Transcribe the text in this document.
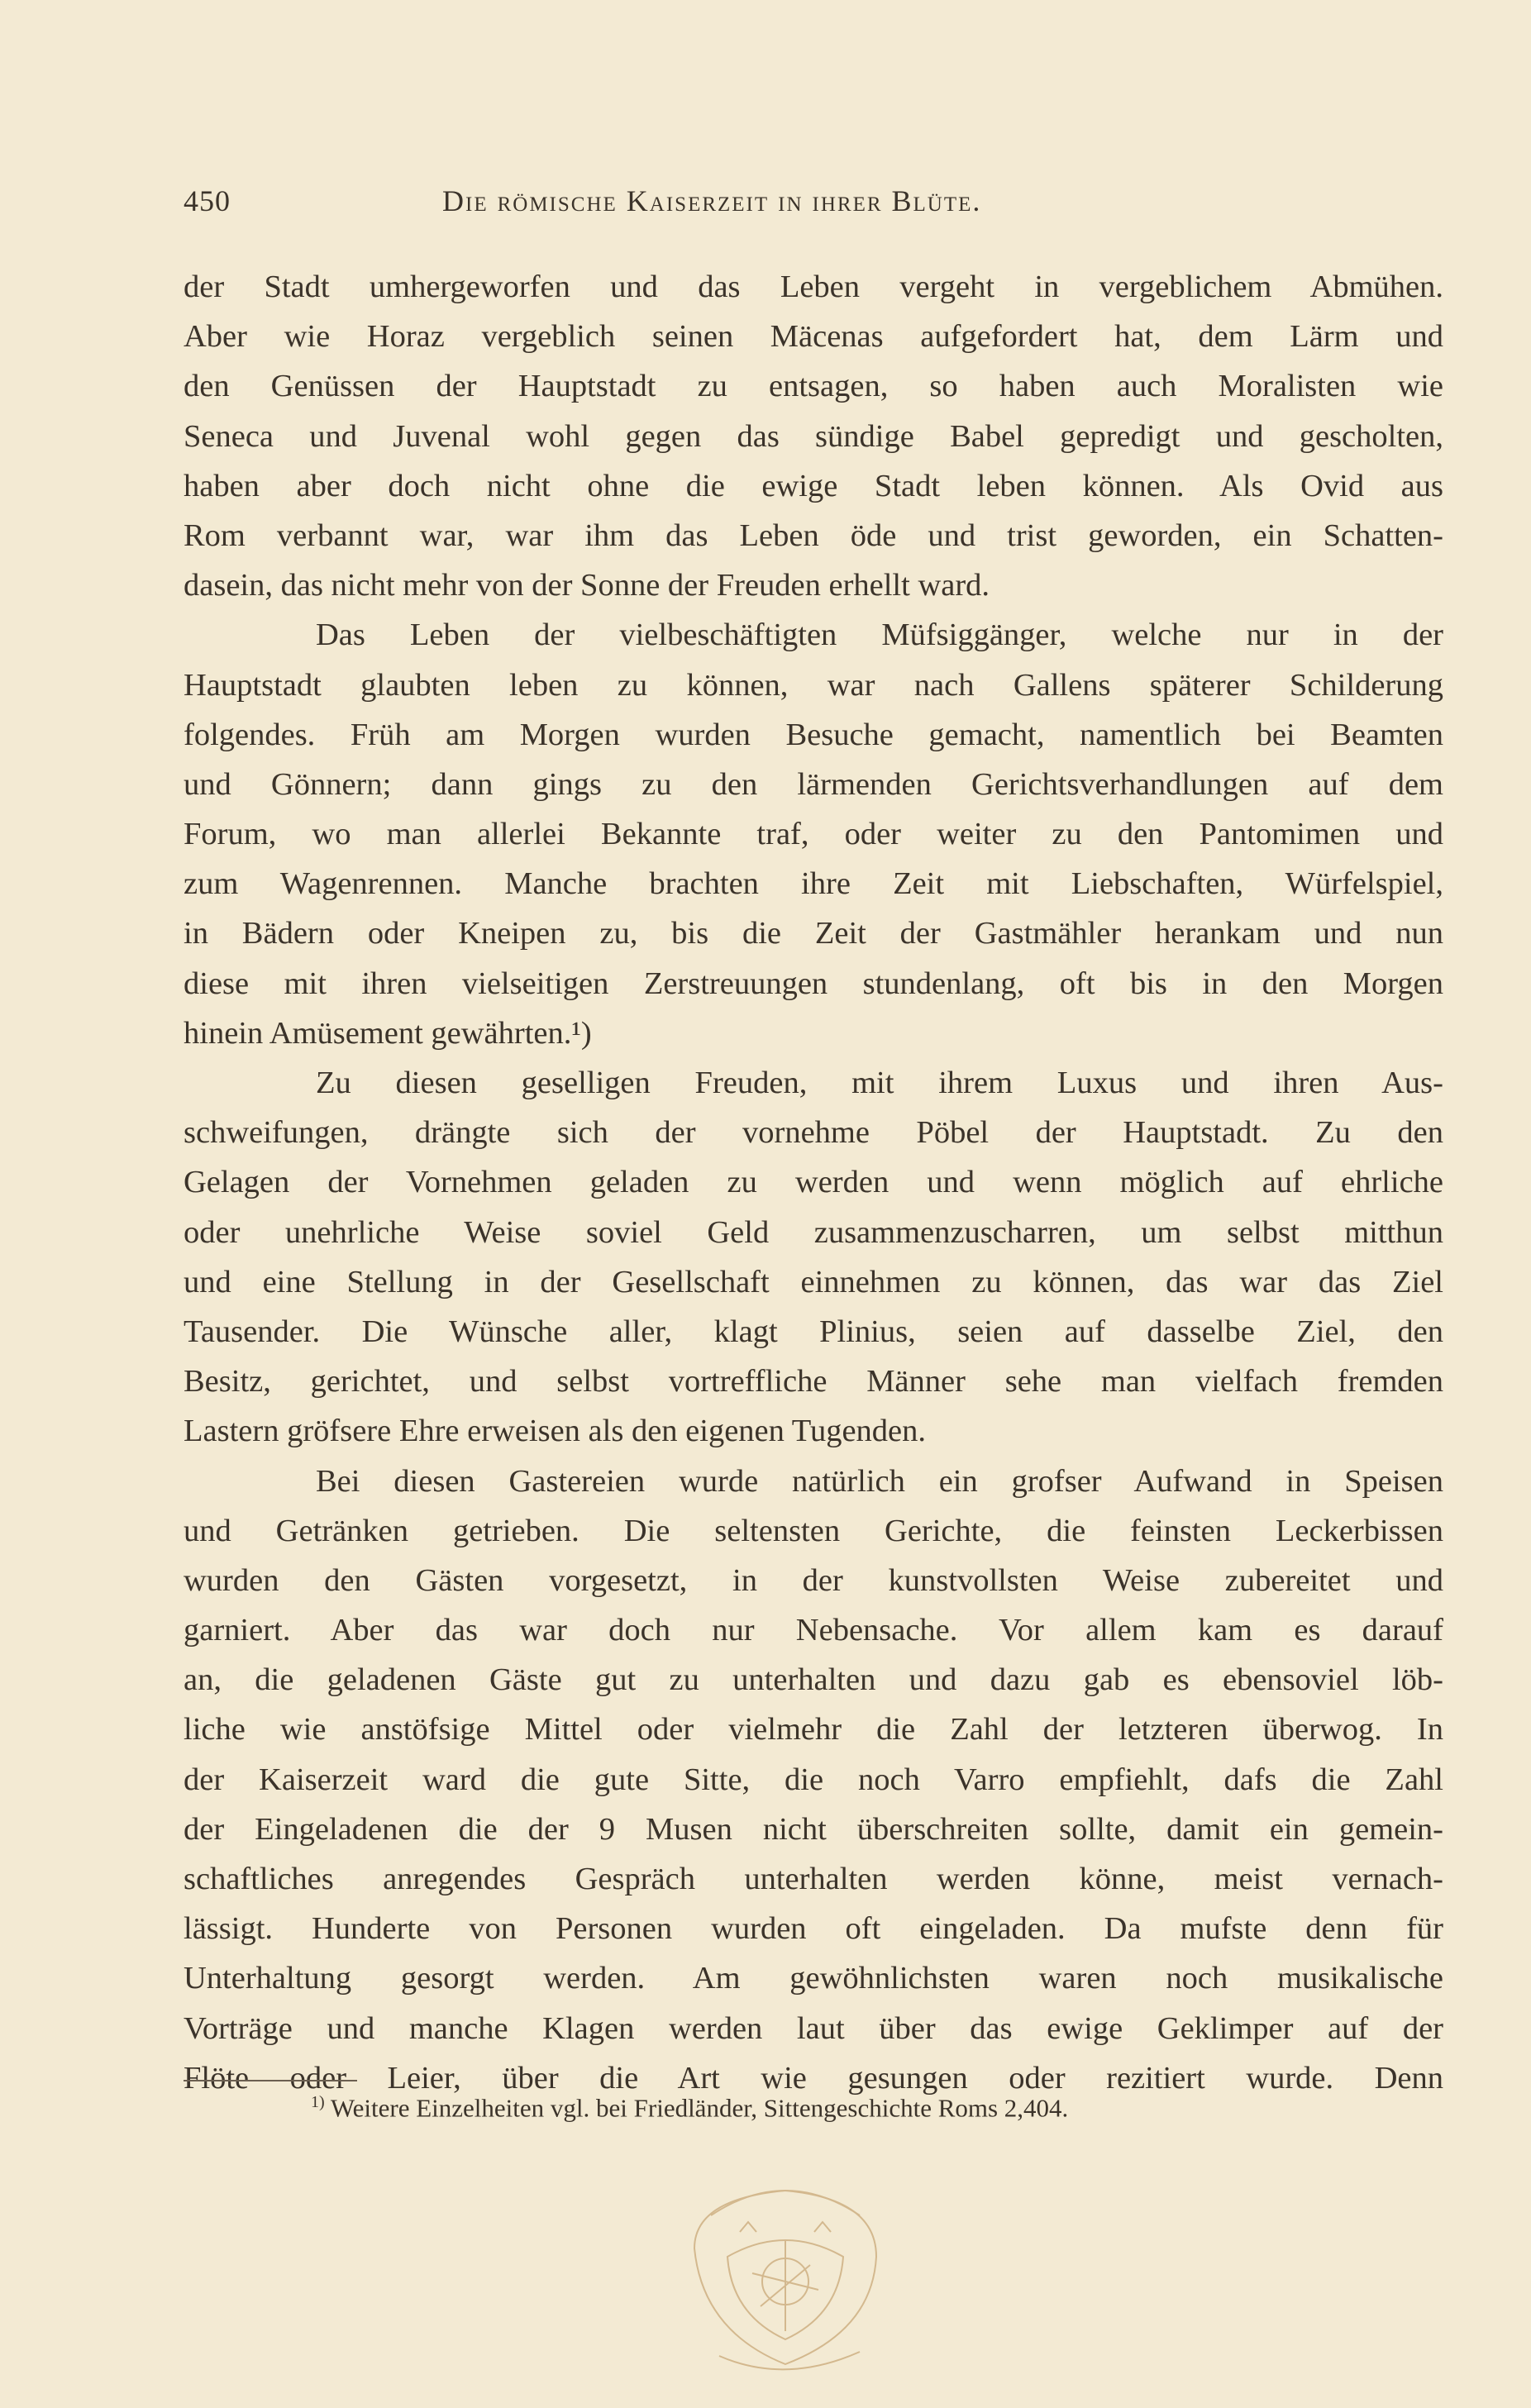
450	Die römische Kaiserzeit in ihrer Blüte.
der Stadt umhergeworfen und das Leben vergeht in vergeblichem Abmühen.
Aber wie Horaz vergeblich seinen Mäcenas aufgefordert hat, dem Lärm und
den Genüssen der Hauptstadt zu entsagen, so haben auch Moralisten wie
Seneca und Juvenal wohl gegen das sündige Babel gepredigt und gescholten,
haben aber doch nicht ohne die ewige Stadt leben können. Als Ovid aus
Rom verbannt war, war ihm das Leben öde und trist geworden, ein Schatten-
dasein, das nicht mehr von der Sonne der Freuden erhellt ward.
Das Leben der vielbeschäftigten Müfsiggänger, welche nur in der
Hauptstadt glaubten leben zu können, war nach Gallens späterer Schilderung
folgendes. Früh am Morgen wurden Besuche gemacht, namentlich bei Beamten
und Gönnern; dann gings zu den lärmenden Gerichtsverhandlungen auf dem
Forum, wo man allerlei Bekannte traf, oder weiter zu den Pantomimen und
zum Wagenrennen. Manche brachten ihre Zeit mit Liebschaften, Würfelspiel,
in Bädern oder Kneipen zu, bis die Zeit der Gastmähler herankam und nun
diese mit ihren vielseitigen Zerstreuungen stundenlang, oft bis in den Morgen
hinein Amüsement gewährten.¹)
Zu diesen geselligen Freuden, mit ihrem Luxus und ihren Aus-
schweifungen, drängte sich der vornehme Pöbel der Hauptstadt. Zu den
Gelagen der Vornehmen geladen zu werden und wenn möglich auf ehrliche
oder unehrliche Weise soviel Geld zusammenzuscharren, um selbst mitthun
und eine Stellung in der Gesellschaft einnehmen zu können, das war das Ziel
Tausender. Die Wünsche aller, klagt Plinius, seien auf dasselbe Ziel, den
Besitz, gerichtet, und selbst vortreffliche Männer sehe man vielfach fremden
Lastern gröfsere Ehre erweisen als den eigenen Tugenden.
Bei diesen Gastereien wurde natürlich ein grofser Aufwand in Speisen
und Getränken getrieben. Die seltensten Gerichte, die feinsten Leckerbissen
wurden den Gästen vorgesetzt, in der kunstvollsten Weise zubereitet und
garniert. Aber das war doch nur Nebensache. Vor allem kam es darauf
an, die geladenen Gäste gut zu unterhalten und dazu gab es ebensoviel löb-
liche wie anstöfsige Mittel oder vielmehr die Zahl der letzteren überwog. In
der Kaiserzeit ward die gute Sitte, die noch Varro empfiehlt, dafs die Zahl
der Eingeladenen die der 9 Musen nicht überschreiten sollte, damit ein gemein-
schaftliches anregendes Gespräch unterhalten werden könne, meist vernach-
lässigt. Hunderte von Personen wurden oft eingeladen. Da mufste denn für
Unterhaltung gesorgt werden. Am gewöhnlichsten waren noch musikalische
Vorträge und manche Klagen werden laut über das ewige Geklimper auf der
Flöte oder Leier, über die Art wie gesungen oder rezitiert wurde. Denn
$^{1)}$ Weitere Einzelheiten vgl. bei Friedländer, Sittengeschichte Roms 2,404.
